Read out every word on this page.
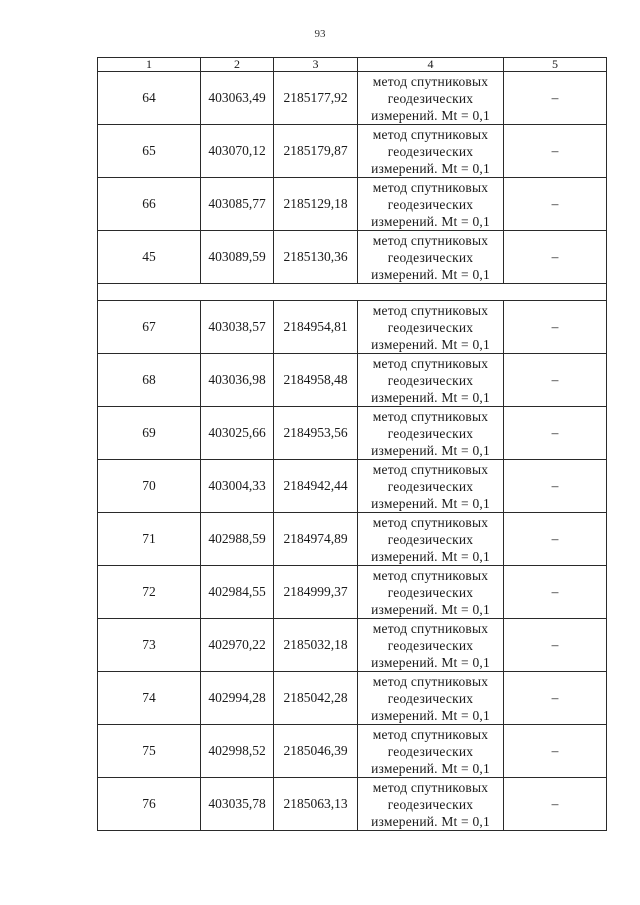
93
1	2	3	4	5
64	403063,49	2185177,92	метод спутниковых
геодезических
измерений. Mt = 0,1	–
65	403070,12	2185179,87	метод спутниковых
геодезических
измерений. Mt = 0,1	–
66	403085,77	2185129,18	метод спутниковых
геодезических
измерений. Mt = 0,1	–
45	403089,59	2185130,36	метод спутниковых
геодезических
измерений. Mt = 0,1	–

67	403038,57	2184954,81	метод спутниковых
геодезических
измерений. Mt = 0,1	–
68	403036,98	2184958,48	метод спутниковых
геодезических
измерений. Mt = 0,1	–
69	403025,66	2184953,56	метод спутниковых
геодезических
измерений. Mt = 0,1	–
70	403004,33	2184942,44	метод спутниковых
геодезических
измерений. Mt = 0,1	–
71	402988,59	2184974,89	метод спутниковых
геодезических
измерений. Mt = 0,1	–
72	402984,55	2184999,37	метод спутниковых
геодезических
измерений. Mt = 0,1	–
73	402970,22	2185032,18	метод спутниковых
геодезических
измерений. Mt = 0,1	–
74	402994,28	2185042,28	метод спутниковых
геодезических
измерений. Mt = 0,1	–
75	402998,52	2185046,39	метод спутниковых
геодезических
измерений. Mt = 0,1	–
76	403035,78	2185063,13	метод спутниковых
геодезических
измерений. Mt = 0,1	–
